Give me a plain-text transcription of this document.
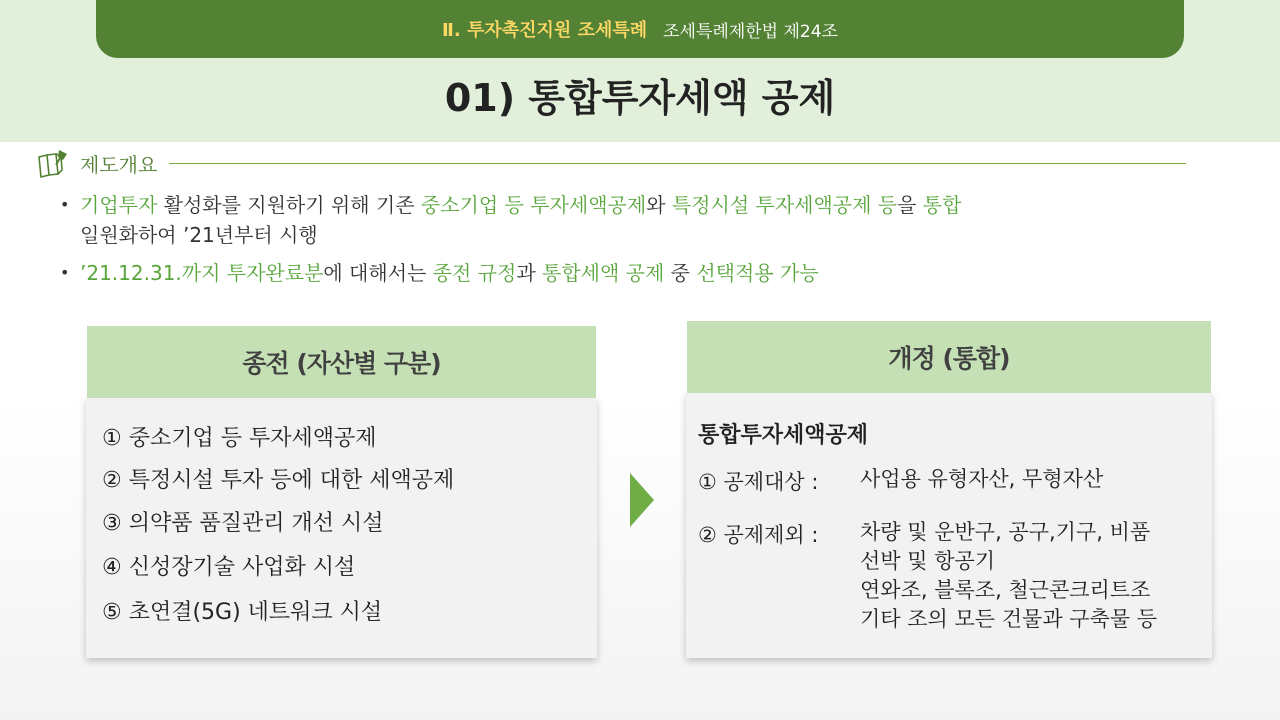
Ⅱ. 투자촉진지원 조세특례 조세특례제한법 제24조
01) 통합투자세액 공제
제도개요
• 기업투자 활성화를 지원하기 위해 기존 중소기업 등 투자세액공제와 특정시설 투자세액공제 등을 통합
일원화하여 ’21년부터 시행
• ’21.12.31.까지 투자완료분에 대해서는 종전 규정과 통합세액 공제 중 선택적용 가능
종전 (자산별 구분)
① 중소기업 등 투자세액공제
② 특정시설 투자 등에 대한 세액공제
③ 의약품 품질관리 개선 시설
④ 신성장기술 사업화 시설
⑤ 초연결(5G) 네트워크 시설
개정 (통합)
통합투자세액공제
① 공제대상 : 사업용 유형자산, 무형자산
② 공제제외 : 차량 및 운반구, 공구,기구, 비품
선박 및 항공기
연와조, 블록조, 철근콘크리트조
기타 조의 모든 건물과 구축물 등
